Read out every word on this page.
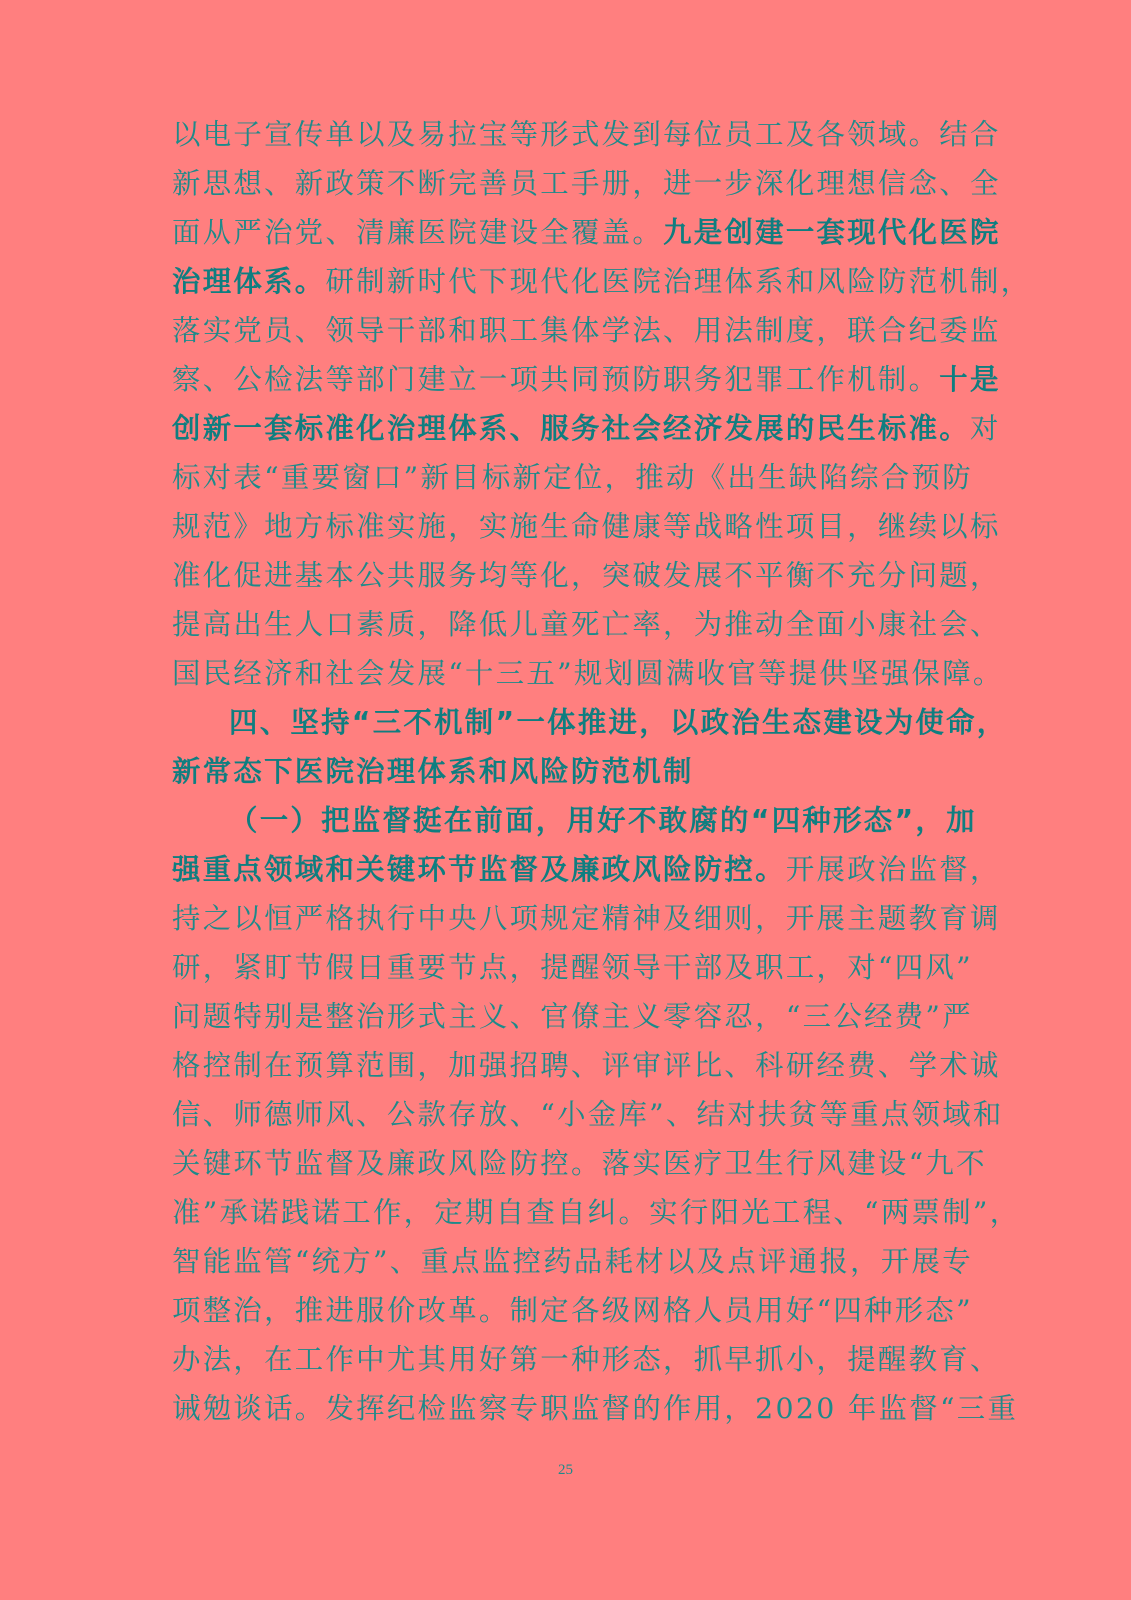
以电子宣传单以及易拉宝等形式发到每位员工及各领域。结合
新思想、新政策不断完善员工手册，进一步深化理想信念、全
面从严治党、清廉医院建设全覆盖。九是创建一套现代化医院
治理体系。研制新时代下现代化医院治理体系和风险防范机制，
落实党员、领导干部和职工集体学法、用法制度，联合纪委监
察、公检法等部门建立一项共同预防职务犯罪工作机制。十是
创新一套标准化治理体系、服务社会经济发展的民生标准。对
标对表“重要窗口”新目标新定位，推动《出生缺陷综合预防
规范》地方标准实施，实施生命健康等战略性项目，继续以标
准化促进基本公共服务均等化，突破发展不平衡不充分问题，
提高出生人口素质，降低儿童死亡率，为推动全面小康社会、
国民经济和社会发展“十三五”规划圆满收官等提供坚强保障。
四、坚持“三不机制”一体推进，以政治生态建设为使命，
新常态下医院治理体系和风险防范机制
（一）把监督挺在前面，用好不敢腐的“四种形态”，加
强重点领域和关键环节监督及廉政风险防控。开展政治监督，
持之以恒严格执行中央八项规定精神及细则，开展主题教育调
研，紧盯节假日重要节点，提醒领导干部及职工，对“四风”
问题特别是整治形式主义、官僚主义零容忍，“三公经费”严
格控制在预算范围，加强招聘、评审评比、科研经费、学术诚
信、师德师风、公款存放、“小金库”、结对扶贫等重点领域和
关键环节监督及廉政风险防控。落实医疗卫生行风建设“九不
准”承诺践诺工作，定期自查自纠。实行阳光工程、“两票制”，
智能监管“统方”、重点监控药品耗材以及点评通报，开展专
项整治，推进服价改革。制定各级网格人员用好“四种形态”
办法，在工作中尤其用好第一种形态，抓早抓小，提醒教育、
诫勉谈话。发挥纪检监察专职监督的作用，2020 年监督“三重
25
